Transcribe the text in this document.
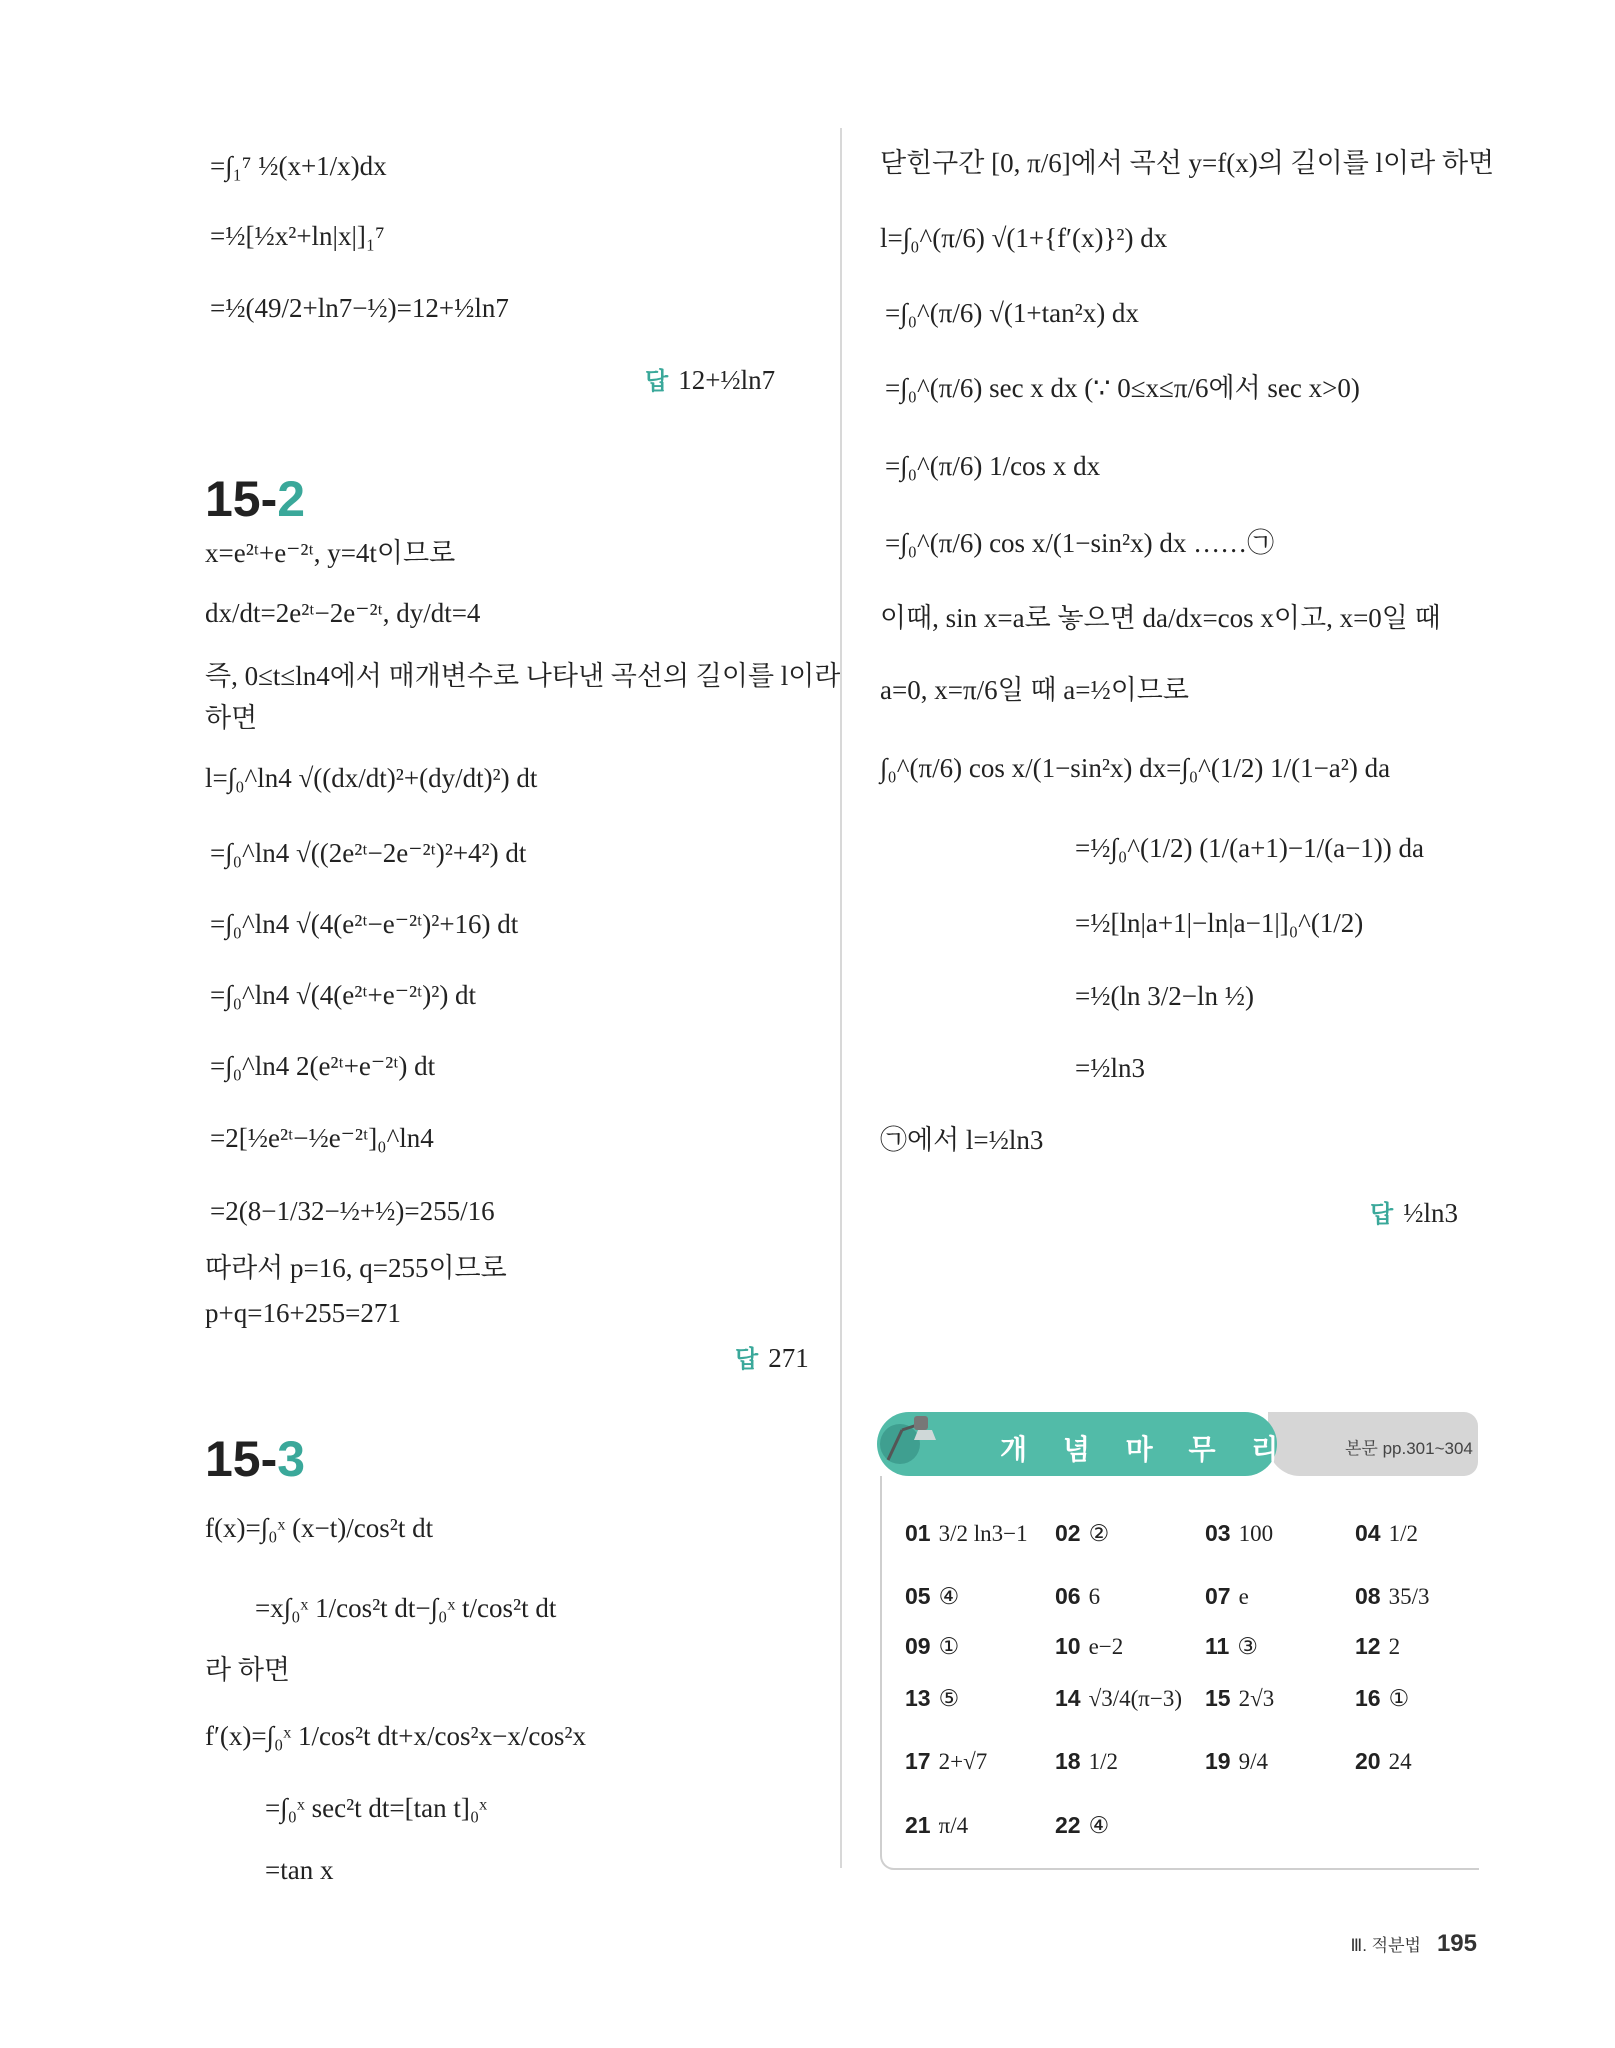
=∫₁⁷ ½(x+1/x)dx
=½[½x²+ln|x|]₁⁷
=½(49/2+ln7−½)=12+½ln7
답 12+½ln7
15-2
x=e²ᵗ+e⁻²ᵗ, y=4t이므로
dx/dt=2e²ᵗ−2e⁻²ᵗ, dy/dt=4
즉, 0≤t≤ln4에서 매개변수로 나타낸 곡선의 길이를 l이라
하면
l=∫₀^ln4 √((dx/dt)²+(dy/dt)²) dt
=∫₀^ln4 √((2e²ᵗ−2e⁻²ᵗ)²+4²) dt
=∫₀^ln4 √(4(e²ᵗ−e⁻²ᵗ)²+16) dt
=∫₀^ln4 √(4(e²ᵗ+e⁻²ᵗ)²) dt
=∫₀^ln4 2(e²ᵗ+e⁻²ᵗ) dt
=2[½e²ᵗ−½e⁻²ᵗ]₀^ln4
=2(8−1/32−½+½)=255/16
따라서 p=16, q=255이므로
p+q=16+255=271
답 271
15-3
f(x)=∫₀ˣ (x−t)/cos²t dt
=x∫₀ˣ 1/cos²t dt−∫₀ˣ t/cos²t dt
라 하면
f′(x)=∫₀ˣ 1/cos²t dt+x/cos²x−x/cos²x
=∫₀ˣ sec²t dt=[tan t]₀ˣ
=tan x
닫힌구간 [0, π/6]에서 곡선 y=f(x)의 길이를 l이라 하면
l=∫₀^(π/6) √(1+{f′(x)}²) dx
=∫₀^(π/6) √(1+tan²x) dx
=∫₀^(π/6) sec x dx (∵ 0≤x≤π/6에서 sec x>0)
=∫₀^(π/6) 1/cos x dx
=∫₀^(π/6) cos x/(1−sin²x) dx ……㉠
이때, sin x=a로 놓으면 da/dx=cos x이고, x=0일 때
a=0, x=π/6일 때 a=½이므로
∫₀^(π/6) cos x/(1−sin²x) dx=∫₀^(1/2) 1/(1−a²) da
=½∫₀^(1/2) (1/(a+1)−1/(a−1)) da
=½[ln|a+1|−ln|a−1|]₀^(1/2)
=½(ln 3/2−ln ½)
=½ln3
㉠에서 l=½ln3
답 ½ln3
개 념 마 무 리	본문 pp.301~304
01 3/2 ln3−1 02 ②	03 100	04 1/2
05 ④	06 6	07 e	08 35/3
09 ①	10 e−2	11 ③	12 2
13 ⑤	14 √3/4(π−3) 15 2√3	16 ①
17 2+√7	18 1/2	19 9/4	20 24
21 π/4	22 ④
Ⅲ. 적분법 195
